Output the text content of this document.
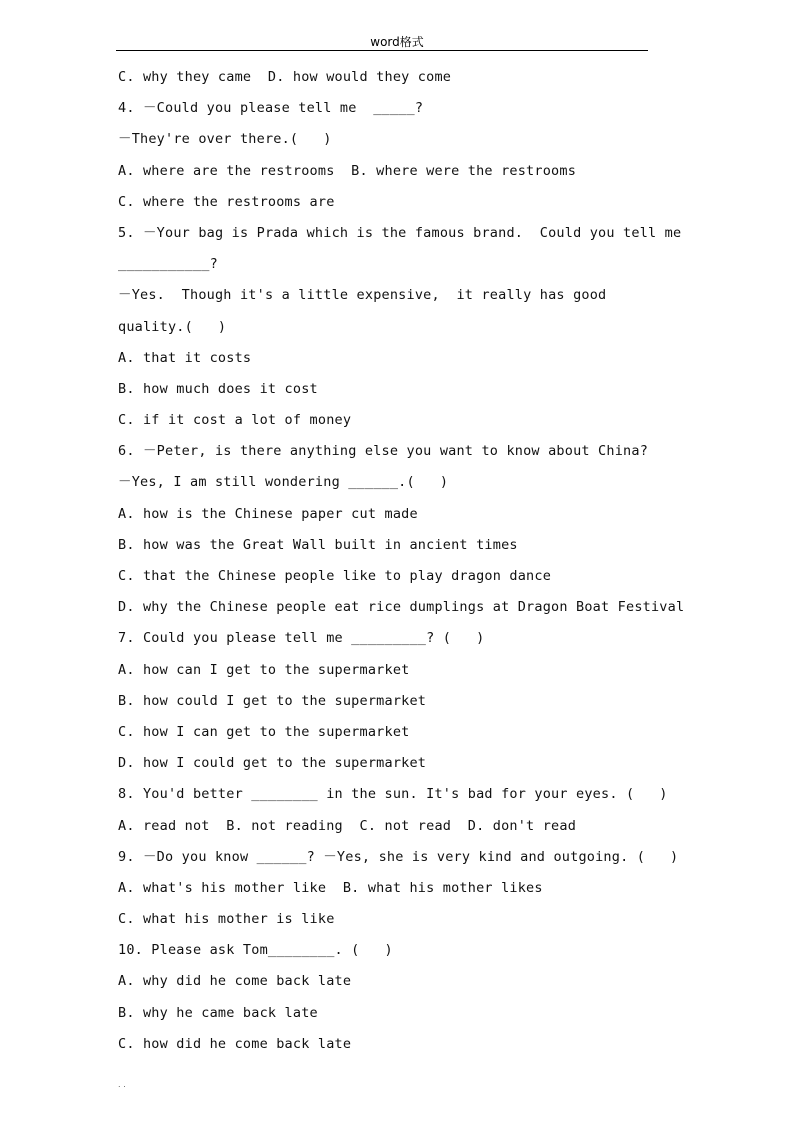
word格式
C. why they came  D. how would they come
4. －Could you please tell me  _____?
－They're over there.(   )
A. where are the restrooms  B. where were the restrooms
C. where the restrooms are
5. －Your bag is Prada which is the famous brand.  Could you tell me
___________?
－Yes.  Though it's a little expensive,  it really has good
quality.(   )
A. that it costs
B. how much does it cost
C. if it cost a lot of money
6. －Peter, is there anything else you want to know about China?
－Yes, I am still wondering ______.(   )
A. how is the Chinese paper cut made
B. how was the Great Wall built in ancient times
C. that the Chinese people like to play dragon dance
D. why the Chinese people eat rice dumplings at Dragon Boat Festival
7. Could you please tell me _________? (   )
A. how can I get to the supermarket
B. how could I get to the supermarket
C. how I can get to the supermarket
D. how I could get to the supermarket
8. You'd better ________ in the sun. It's bad for your eyes. (   )
A. read not  B. not reading  C. not read  D. don't read
9. －Do you know ______? －Yes, she is very kind and outgoing. (   )
A. what's his mother like  B. what his mother likes
C. what his mother is like
10. Please ask Tom________. (   )
A. why did he come back late
B. why he came back late
C. how did he come back late
. .
